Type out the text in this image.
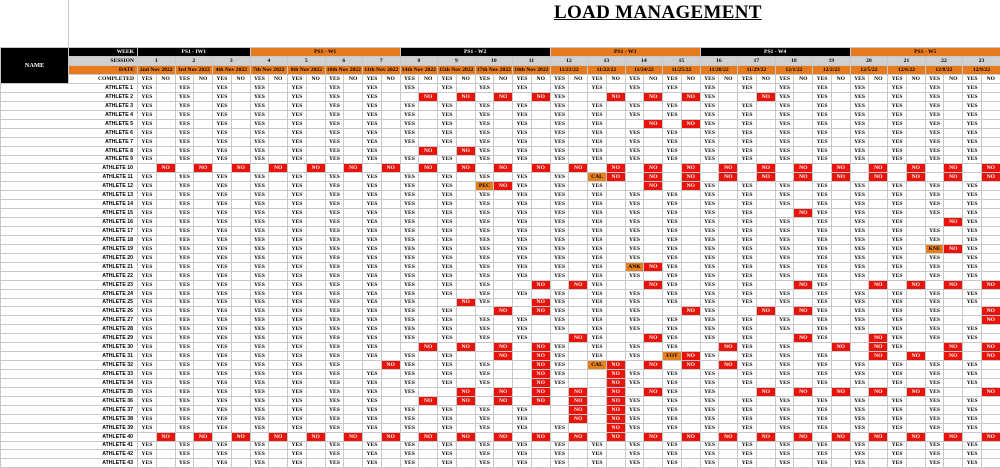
LOAD MANAGEMENT
NAME	WEEK	PS1 - IW1						PS1 - W1								PS1 - W2								PS1 - W3								PS1 - W4								PS1 - W5							
	SESSION	1		2		3		4		5		6		7		8		9		10		11		12		13		14		15		16		17		18		19		20		21		22		23	
	DATE	2nd Nov 2022		3rd Nov 2022		4th Nov 2022		7th Nov 2022		8th Nov 2022		10th Nov 2022		11th Nov 2022		14th Nov 2022		15th Nov 2022		17th Nov 2022		18th Nov 2022		11/21/22		11/22/22		11/24/22		11/25/22		11/28/22		11/29/22		12/1/22		12/2/22		12/5/22		12/6/22		12/8/22		12/9/22	
	COMPLETED	YES	NO	YES	NO	YES	NO	YES	NO	YES	NO	YES	NO	YES	NO	YES	NO	YES	NO	YES	NO	YES	NO	YES	NO	YES	NO	YES	NO	YES	NO	YES	NO	YES	NO	YES	NO	YES	NO	YES	NO	YES	NO	YES	NO	YES	NO
ATHLETE 1		YES		YES		YES		YES		YES		YES		YES		YES		YES		YES		YES		YES		YES		YES		YES		YES		YES		YES		YES		YES		YES		YES		YES	
ATHLETE 2		YES		YES		YES		YES		YES		YES		YES			NO		NO		NO		NO	YES			NO		NO		NO	YES			NO	YES		YES		YES		YES		YES		YES	
ATHLETE 3		YES		YES		YES		YES		YES		YES		YES		YES		YES		YES		YES		YES		YES		YES		YES		YES		YES		YES		YES		YES		YES		YES		YES	
ATHLETE 4		YES		YES		YES		YES		YES		YES		YES		YES		YES		YES		YES		YES		YES		YES		YES		YES		YES		YES		YES		YES		YES		YES		YES	
ATHLETE 5		YES		YES		YES		YES		YES		YES		YES		YES		YES		YES		YES		YES		YES			NO		NO	YES		YES		YES		YES		YES		YES		YES		YES	
ATHLETE 6		YES		YES		YES		YES		YES		YES		YES		YES		YES		YES		YES		YES		YES		YES		YES		YES		YES		YES		YES		YES		YES		YES		YES	
ATHLETE 7		YES		YES		YES		YES		YES		YES		YES		YES		YES		YES		YES		YES		YES		YES		YES		YES		YES		YES		YES		YES		YES		YES		YES	
ATHLETE 8		YES		YES		YES		YES		YES		YES		YES			NO		NO	YES		YES		YES		YES		YES		YES		YES		YES		YES		YES		YES		YES		YES		YES	
ATHLETE 9		YES		YES		YES		YES		YES		YES		YES		YES		YES		YES		YES		YES		YES		YES		YES		YES		YES		YES		YES		YES		YES		YES		YES	
ATHLETE 10			NO		NO		NO		NO		NO		NO		NO		NO		NO		NO		NO		NO		NO		NO		NO		NO		NO		NO		NO		NO		NO		NO		NO
ATHLETE 11		YES		YES		YES		YES		YES		YES		YES		YES		YES		YES		YES		YES		CAL	NO		NO		NO		NO		NO		NO		NO		NO		NO		NO		NO
ATHLETE 12		YES		YES		YES		YES		YES		YES		YES		YES		YES		PEC	NO	YES		YES		YES			NO		NO	YES		YES		YES		YES		YES		YES		YES		YES	
ATHLETE 13		YES		YES		YES		YES		YES		YES		YES		YES		YES		YES		YES		YES		YES		YES		YES		YES		YES		YES		YES		YES		YES		YES		YES	
ATHLETE 14		YES		YES		YES		YES		YES		YES		YES		YES		YES		YES		YES		YES		YES		YES		YES		YES		YES		YES		YES		YES		YES		YES		YES	
ATHLETE 15		YES		YES		YES		YES		YES		YES		YES		YES		YES		YES		YES		YES		YES		YES		YES		YES		YES			NO	YES		YES		YES		YES		YES	
ATHLETE 16		YES		YES		YES		YES		YES		YES		YES		YES		YES		YES		YES		YES		YES		YES		YES		YES		YES		YES		YES		YES		YES			NO	YES	
ATHLETE 17		YES		YES		YES		YES		YES		YES		YES		YES		YES		YES		YES		YES		YES		YES		YES		YES		YES		YES		YES		YES		YES		YES		YES	
ATHLETE 18		YES		YES		YES		YES		YES		YES		YES		YES		YES		YES		YES		YES		YES		YES		YES		YES		YES		YES		YES		YES		YES		YES		YES	
ATHLETE 19		YES		YES		YES		YES		YES		YES		YES		YES		YES		YES		YES		YES		YES		YES		YES		YES		YES		YES		YES		YES		YES		KNE	NO	YES	
ATHLETE 20		YES		YES		YES		YES		YES		YES		YES		YES		YES		YES		YES		YES		YES		YES		YES		YES		YES		YES		YES		YES		YES		YES		YES	
ATHLETE 21		YES		YES		YES		YES		YES		YES		YES		YES		YES		YES		YES		YES		YES		ANK	NO	YES		YES		YES		YES		YES		YES		YES		YES		YES	
ATHLETE 22		YES		YES		YES		YES		YES		YES		YES		YES		YES		YES		YES		YES		YES		YES		YES		YES		YES		YES		YES		YES		YES		YES		YES	
ATHLETE 23		YES		YES		YES		YES		YES		YES		YES		YES		YES		YES			NO		NO	YES			NO	YES		YES		YES			NO	YES			NO		NO		NO		NO
ATHLETE 24		YES		YES		YES		YES		YES		YES		YES		YES		YES		YES		YES		YES		YES		YES		YES		YES		YES		YES		YES		YES		YES		YES		YES	
ATHLETE 25		YES		YES		YES		YES		YES		YES		YES		YES			NO	YES			NO	YES		YES		YES		YES		YES		YES		YES		YES		YES		YES		YES		YES	
ATHLETE 26		YES		YES		YES		YES		YES		YES		YES		YES		YES			NO		NO	YES		YES		YES			NO	YES			NO		NO	YES		YES		YES		YES			NO
ATHLETE 27		YES		YES		YES		YES		YES		YES		YES		YES		YES		YES		YES		YES		YES		YES		YES		YES		YES		YES		YES		YES		YES		YES			NO
ATHLETE 28		YES		YES		YES		YES		YES		YES		YES		YES		YES		YES		YES		YES		YES		YES		YES		YES		YES		YES		YES		YES		YES		YES		YES	
ATHLETE 29		YES		YES		YES		YES		YES		YES		YES		YES		YES		YES		YES			NO	YES			NO	YES		YES		YES			NO	YES			NO	YES		YES		YES	
ATHLETE 30		YES		YES		YES		YES		YES		YES		YES			NO		NO		NO		NO	YES		YES		YES		YES			NO	YES		YES			NO		NO	YES			NO		NO
ATHLETE 31		YES		YES		YES		YES		YES		YES		YES		YES		YES			NO		NO	YES		YES		YES		FOT	NO	YES		YES		YES		YES			NO		NO		NO		NO
ATHLETE 32		YES		YES		YES		YES		YES		YES			NO	YES		YES		YES			NO	YES		CAL	NO		NO		NO		NO	YES		YES		YES		YES		YES		YES		YES	
ATHLETE 33		YES		YES		YES		YES		YES		YES		YES		YES		YES		YES			NO	YES			NO	YES		YES		YES		YES		YES		YES		YES		YES		YES		YES	
ATHLETE 34		YES		YES		YES		YES		YES		YES		YES		YES		YES		YES			NO	YES			NO	YES		YES		YES		YES		YES		YES		YES		YES		YES		YES	
ATHLETE 35		YES		YES		YES		YES		YES		YES		YES		YES			NO		NO		NO		NO		NO		NO	YES		YES			NO		NO		NO		NO		NO	YES			NO
ATHLETE 36		YES		YES		YES		YES		YES		YES		YES			NO		NO		NO		NO		NO		NO	YES		YES		YES		YES		YES		YES		YES		YES		YES		YES	
ATHLETE 37		YES		YES		YES		YES		YES		YES		YES		YES		YES		YES		YES			NO		NO	YES		YES		YES		YES		YES		YES		YES		YES		YES		YES	
ATHLETE 38		YES		YES		YES		YES		YES		YES		YES		YES		YES		YES		YES			NO		NO	YES		YES		YES		YES		YES		YES		YES		YES		YES		YES	
ATHLETE 39		YES		YES		YES		YES		YES		YES		YES		YES		YES		YES		YES		YES			NO	YES		YES		YES		YES		YES		YES		YES		YES		YES		YES	
ATHLETE 40			NO		NO		NO		NO		NO		NO		NO		NO		NO		NO		NO		NO		NO		NO		NO		NO		NO		NO		NO		NO		NO		NO		NO
ATHLETE 41		YES		YES		YES		YES		YES		YES		YES		YES		YES		YES		YES		YES		YES		YES		YES		YES		YES		YES		YES		YES		YES		YES		YES	
ATHLETE 42		YES		YES		YES		YES		YES		YES		YES		YES		YES		YES		YES		YES		YES		YES		YES		YES		YES		YES		YES		YES		YES		YES		YES	
ATHLETE 43		YES		YES		YES		YES		YES		YES		YES		YES		YES		YES		YES		YES		YES		YES		YES		YES		YES		YES		YES		YES		YES		YES		YES	
